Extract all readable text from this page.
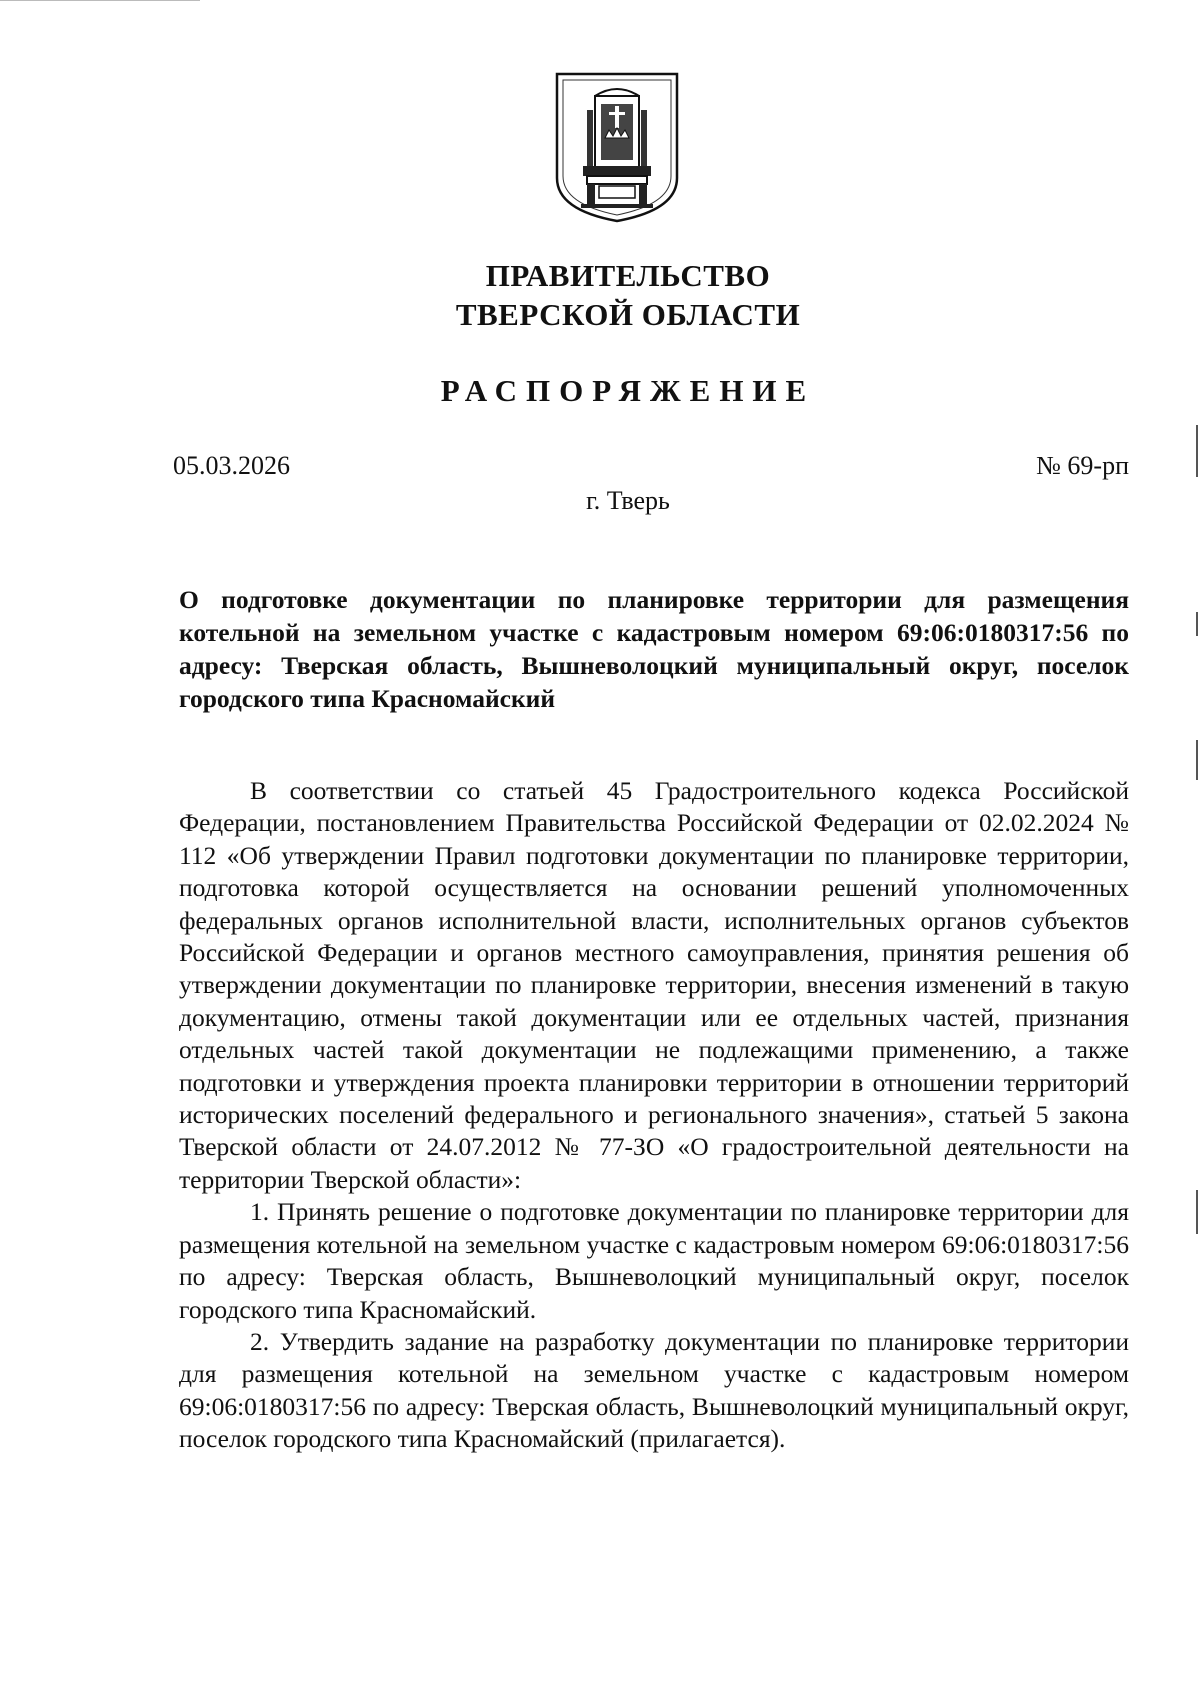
ПРАВИТЕЛЬСТВО
ТВЕРСКОЙ ОБЛАСТИ
РАСПОРЯЖЕНИЕ
05.03.2026	№ 69-рп
г. Тверь
О подготовке документации по планировке территории для размещения котельной на земельном участке с кадастровым номером 69:06:0180317:56 по адресу: Тверская область, Вышневолоцкий муниципальный округ, поселок городского типа Красномайский

В соответствии со статьей 45 Градостроительного кодекса Российской Федерации, постановлением Правительства Российской Федерации от 02.02.2024 № 112 «Об утверждении Правил подготовки документации по планировке территории, подготовка которой осуществляется на основании решений уполномоченных федеральных органов исполнительной власти, исполнительных органов субъектов Российской Федерации и органов местного самоуправления, принятия решения об утверждении документации по планировке территории, внесения изменений в такую документацию, отмены такой документации или ее отдельных частей, признания отдельных частей такой документации не подлежащими применению, а также подготовки и утверждения проекта планировки территории в отношении территорий исторических поселений федерального и регионального значения», статьей 5 закона Тверской области от 24.07.2012 № 77-ЗО «О градостроительной деятельности на территории Тверской области»:

1. Принять решение о подготовке документации по планировке территории для размещения котельной на земельном участке с кадастровым номером 69:06:0180317:56 по адресу: Тверская область, Вышневолоцкий муниципальный округ, поселок городского типа Красномайский.

2. Утвердить задание на разработку документации по планировке территории для размещения котельной на земельном участке с кадастровым номером 69:06:0180317:56 по адресу: Тверская область, Вышневолоцкий муниципальный округ, поселок городского типа Красномайский (прилагается).
